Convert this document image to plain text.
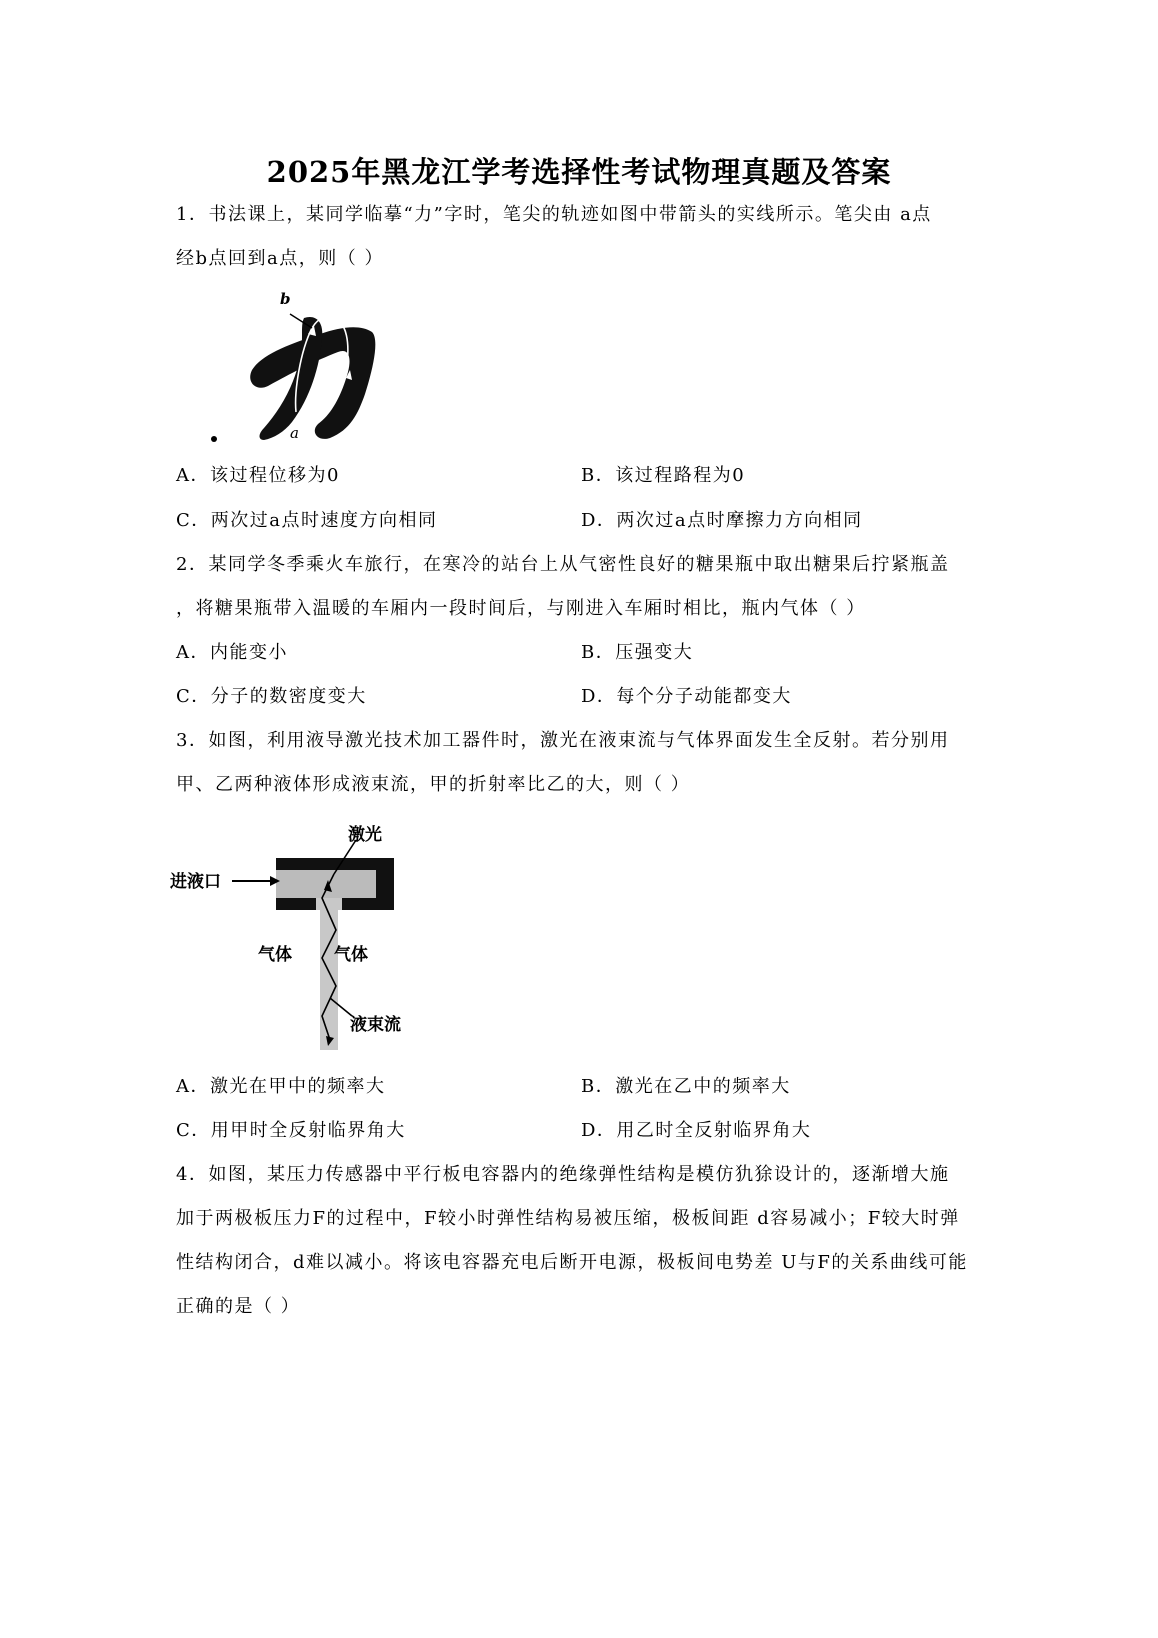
2025年黑龙江学考选择性考试物理真题及答案
1．书法课上，某同学临摹“力”字时，笔尖的轨迹如图中带箭头的实线所示。笔尖由 a点
经b点回到a点，则（ ）
b
a
A．该过程位移为0	B．该过程路程为0
C．两次过a点时速度方向相同	D．两次过a点时摩擦力方向相同
2．某同学冬季乘火车旅行，在寒冷的站台上从气密性良好的糖果瓶中取出糖果后拧紧瓶盖
，将糖果瓶带入温暖的车厢内一段时间后，与刚进入车厢时相比，瓶内气体（ ）
A．内能变小	B．压强变大
C．分子的数密度变大	D．每个分子动能都变大
3．如图，利用液导激光技术加工器件时，激光在液束流与气体界面发生全反射。若分别用
甲、乙两种液体形成液束流，甲的折射率比乙的大，则（ ）
激光
进液口
气体 气体
液束流
A．激光在甲中的频率大	B．激光在乙中的频率大
C．用甲时全反射临界角大	D．用乙时全反射临界角大
4．如图，某压力传感器中平行板电容器内的绝缘弹性结构是模仿犰狳设计的，逐渐增大施
加于两极板压力F的过程中，F较小时弹性结构易被压缩，极板间距 d容易减小；F较大时弹
性结构闭合，d难以减小。将该电容器充电后断开电源，极板间电势差 U与F的关系曲线可能
正确的是（ ）
